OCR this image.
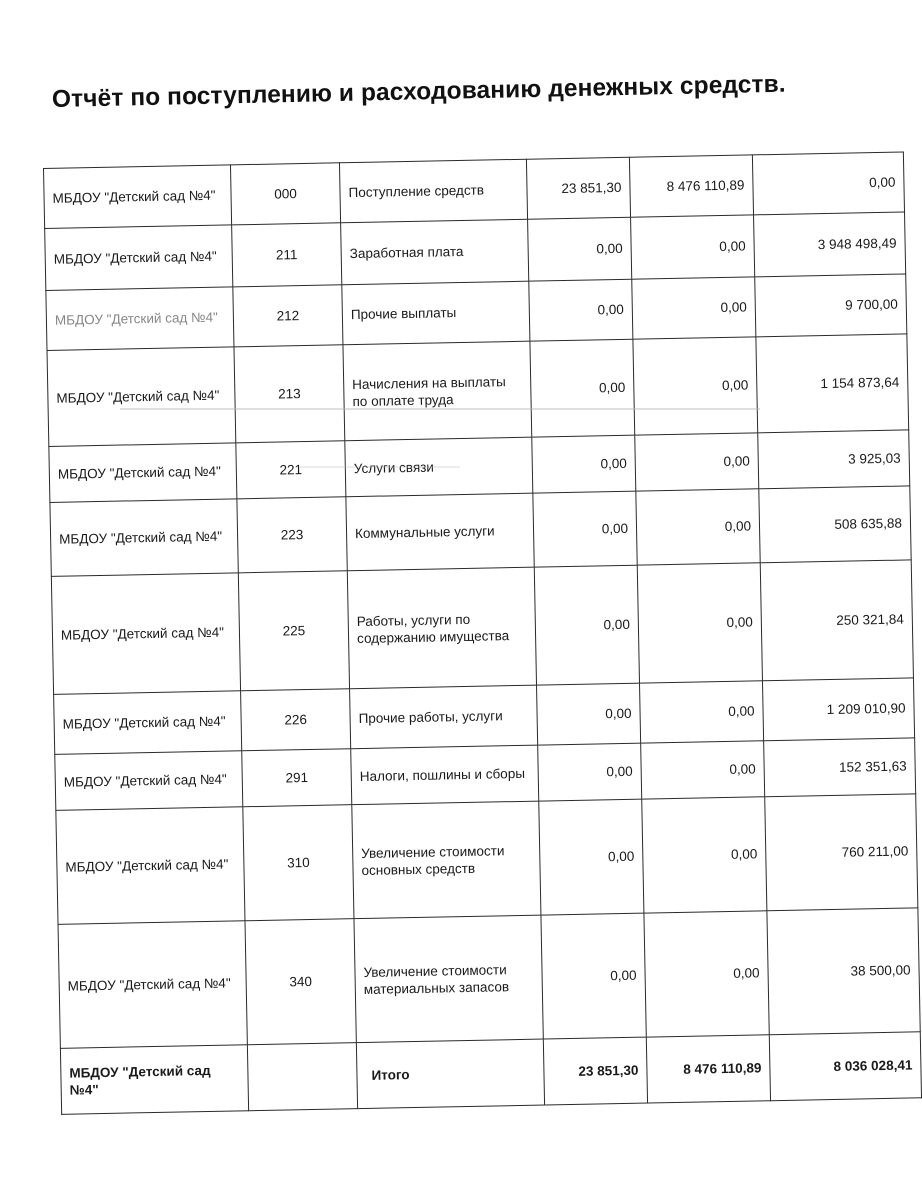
Отчёт по поступлению и расходованию денежных средств.
МБДОУ "Детский сад №4"	000	Поступление средств	23 851,30	8 476 110,89	0,00
МБДОУ "Детский сад №4"	211	Заработная плата	0,00	0,00	3 948 498,49
МБДОУ "Детский сад №4"	212	Прочие выплаты	0,00	0,00	9 700,00
МБДОУ "Детский сад №4"	213	Начисления на выплаты по оплате труда	0,00	0,00	1 154 873,64
МБДОУ "Детский сад №4"	221	Услуги связи	0,00	0,00	3 925,03
МБДОУ "Детский сад №4"	223	Коммунальные услуги	0,00	0,00	508 635,88
МБДОУ "Детский сад №4"	225	Работы, услуги по содержанию имущества	0,00	0,00	250 321,84
МБДОУ "Детский сад №4"	226	Прочие работы, услуги	0,00	0,00	1 209 010,90
МБДОУ "Детский сад №4"	291	Налоги, пошлины и сборы	0,00	0,00	152 351,63
МБДОУ "Детский сад №4"	310	Увеличение стоимости основных средств	0,00	0,00	760 211,00
МБДОУ "Детский сад №4"	340	Увеличение стоимости материальных запасов	0,00	0,00	38 500,00
МБДОУ "Детский сад №4"		Итого	23 851,30	8 476 110,89	8 036 028,41
